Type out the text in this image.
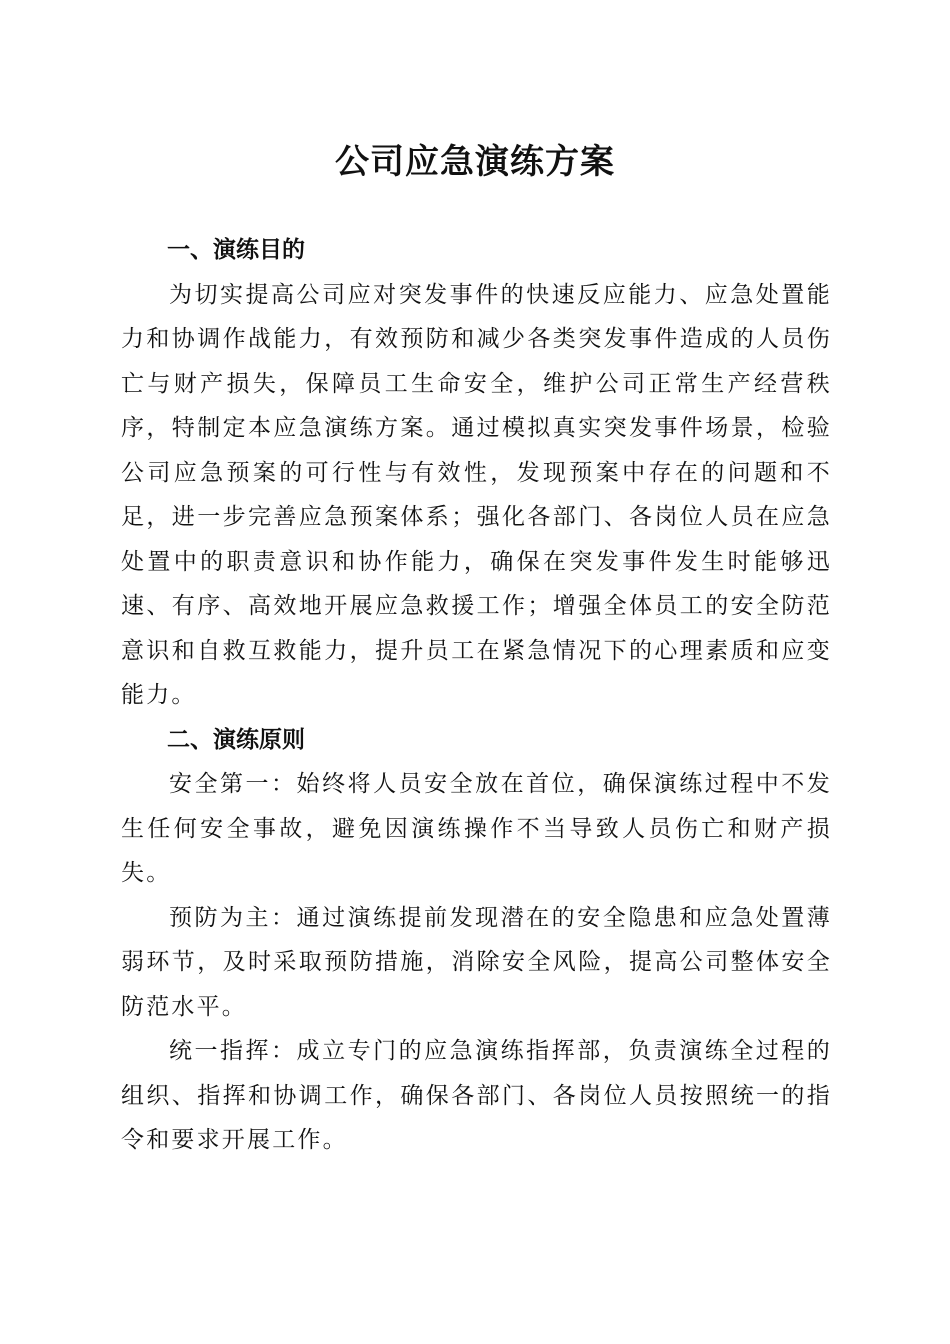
公司应急演练方案
一、演练目的

为切实提高公司应对突发事件的快速反应能力、应急处置能力和协调作战能力，有效预防和减少各类突发事件造成的人员伤亡与财产损失，保障员工生命安全，维护公司正常生产经营秩序，特制定本应急演练方案。通过模拟真实突发事件场景，检验公司应急预案的可行性与有效性，发现预案中存在的问题和不足，进一步完善应急预案体系；强化各部门、各岗位人员在应急处置中的职责意识和协作能力，确保在突发事件发生时能够迅速、有序、高效地开展应急救援工作；增强全体员工的安全防范意识和自救互救能力，提升员工在紧急情况下的心理素质和应变能力。

二、演练原则

安全第一：始终将人员安全放在首位，确保演练过程中不发生任何安全事故，避免因演练操作不当导致人员伤亡和财产损失。

预防为主：通过演练提前发现潜在的安全隐患和应急处置薄弱环节，及时采取预防措施，消除安全风险，提高公司整体安全防范水平。

统一指挥：成立专门的应急演练指挥部，负责演练全过程的组织、指挥和协调工作，确保各部门、各岗位人员按照统一的指令和要求开展工作。
